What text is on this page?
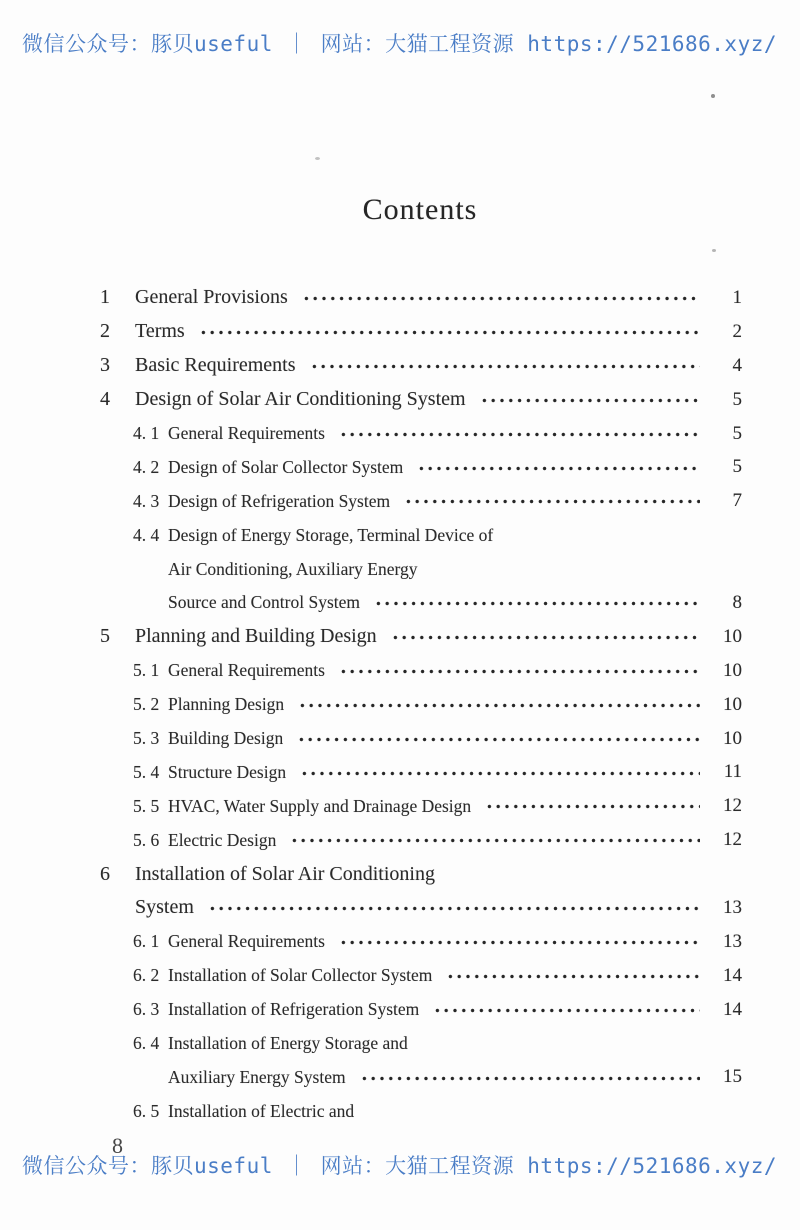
微信公众号：豚贝useful ｜ 网站：大猫工程资源 https://521686.xyz/
Contents
1	General Provisions	1
2	Terms	2
3	Basic Requirements	4
4	Design of Solar Air Conditioning System	5
4. 1 General Requirements	5
4. 2 Design of Solar Collector System	5
4. 3 Design of Refrigeration System	7
4. 4 Design of Energy Storage, Terminal Device of
Air Conditioning, Auxiliary Energy
Source and Control System	8
5	Planning and Building Design	10
5. 1 General Requirements	10
5. 2 Planning Design	10
5. 3 Building Design	10
5. 4 Structure Design	11
5. 5 HVAC, Water Supply and Drainage Design	12
5. 6 Electric Design	12
6	Installation of Solar Air Conditioning
System	13
6. 1 General Requirements	13
6. 2 Installation of Solar Collector System	14
6. 3 Installation of Refrigeration System	14
6. 4 Installation of Energy Storage and
Auxiliary Energy System	15
6. 5 Installation of Electric and
8
微信公众号：豚贝useful ｜ 网站：大猫工程资源 https://521686.xyz/
